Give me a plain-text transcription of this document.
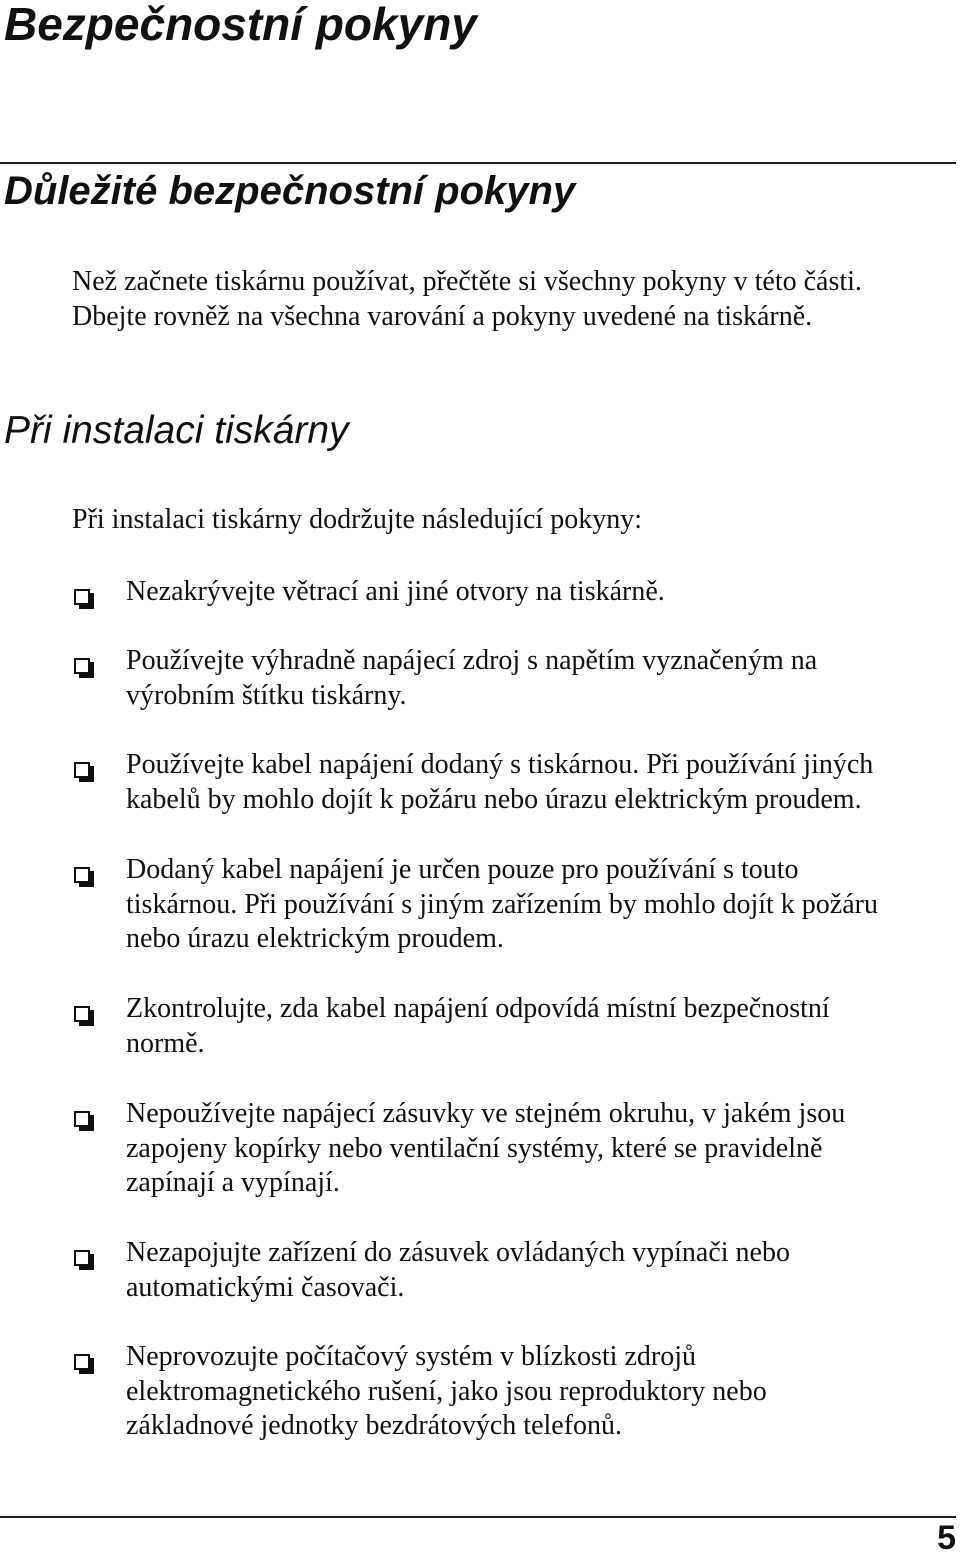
Bezpečnostní pokyny
Důležité bezpečnostní pokyny

Než začnete tiskárnu používat, přečtěte si všechny pokyny v této části.
Dbejte rovněž na všechna varování a pokyny uvedené na tiskárně.

Při instalaci tiskárny

Při instalaci tiskárny dodržujte následující pokyny:

Nezakrývejte větrací ani jiné otvory na tiskárně.

Používejte výhradně napájecí zdroj s napětím vyznačeným na
výrobním štítku tiskárny.

Používejte kabel napájení dodaný s tiskárnou. Při používání jiných
kabelů by mohlo dojít k požáru nebo úrazu elektrickým proudem.

Dodaný kabel napájení je určen pouze pro používání s touto
tiskárnou. Při používání s jiným zařízením by mohlo dojít k požáru
nebo úrazu elektrickým proudem.

Zkontrolujte, zda kabel napájení odpovídá místní bezpečnostní
normě.

Nepoužívejte napájecí zásuvky ve stejném okruhu, v jakém jsou
zapojeny kopírky nebo ventilační systémy, které se pravidelně
zapínají a vypínají.

Nezapojujte zařízení do zásuvek ovládaných vypínači nebo
automatickými časovači.

Neprovozujte počítačový systém v blízkosti zdrojů
elektromagnetického rušení, jako jsou reproduktory nebo
základnové jednotky bezdrátových telefonů.

5
